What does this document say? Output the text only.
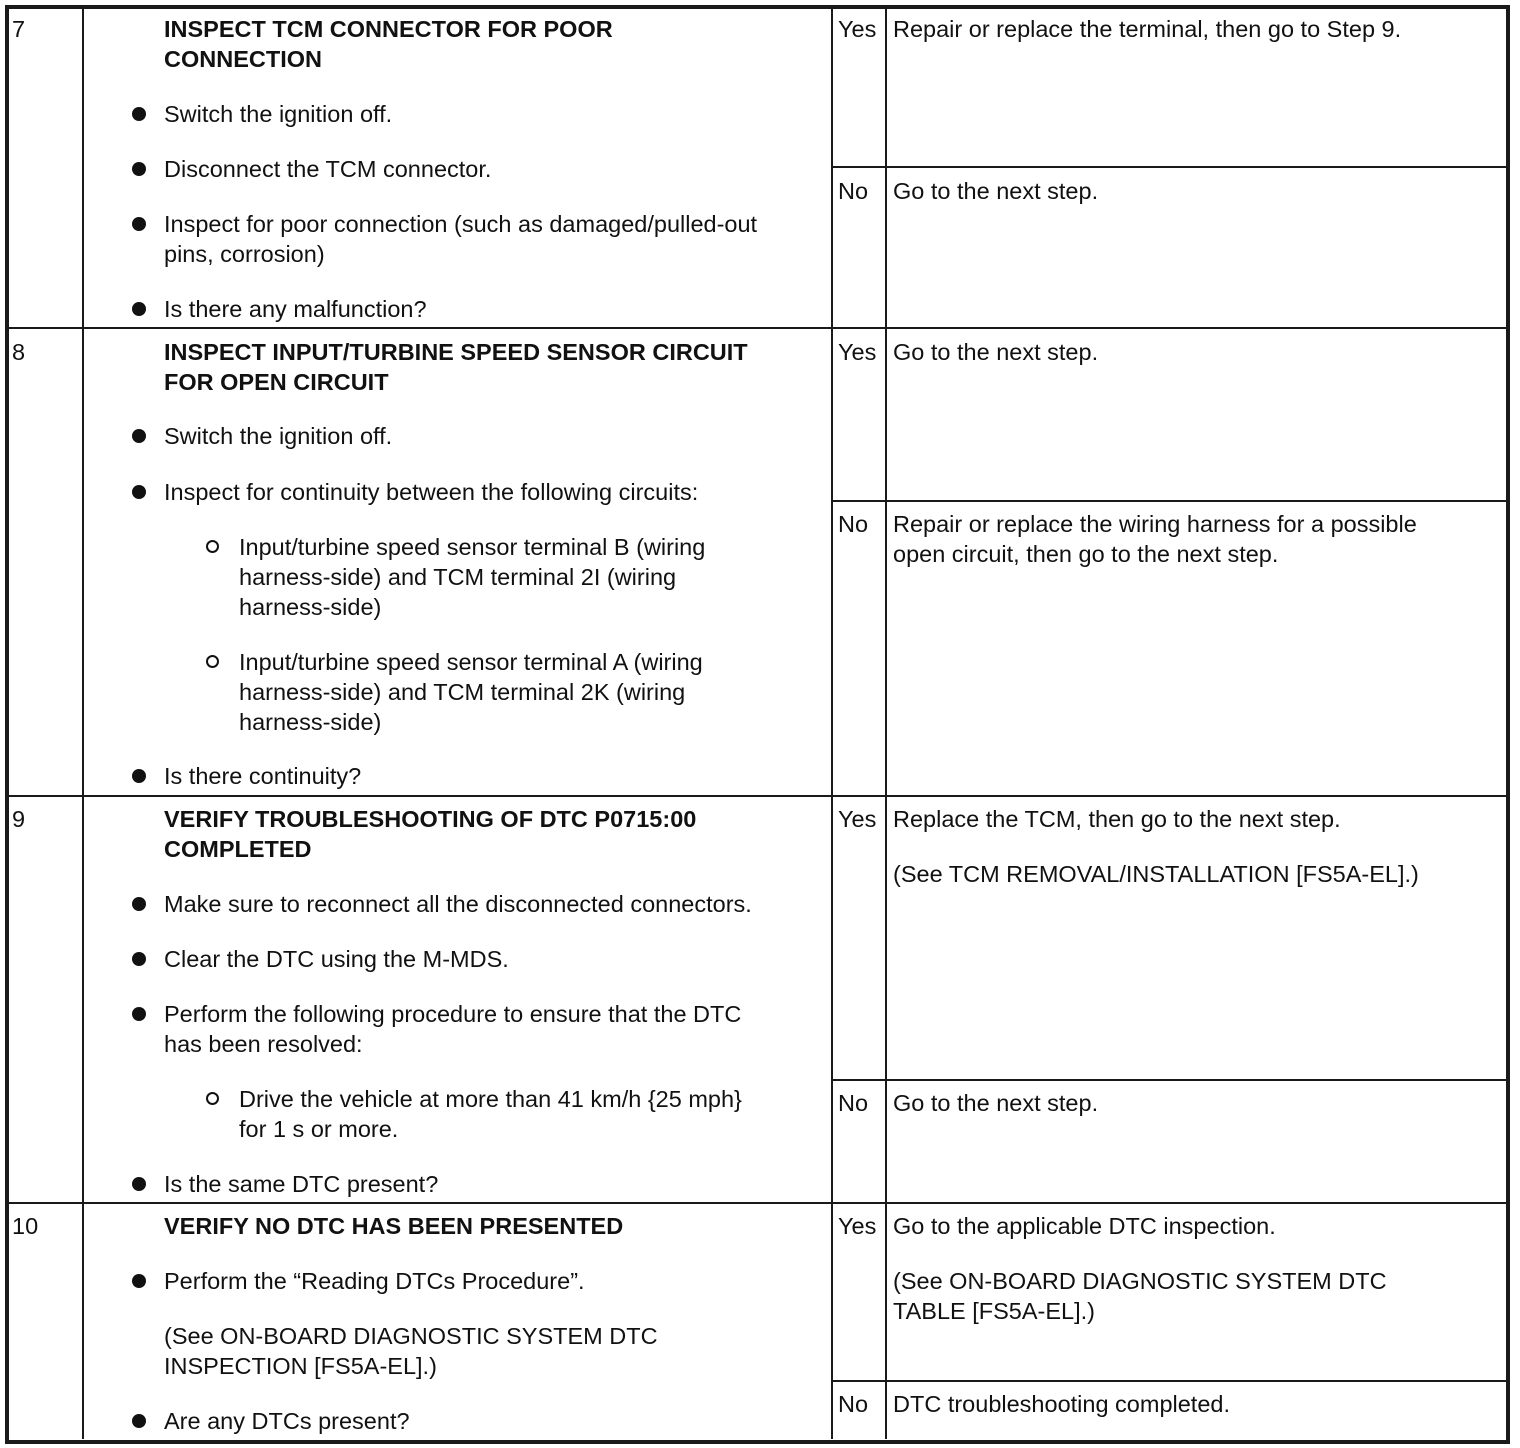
7	INSPECT TCM CONNECTOR FOR POOR
CONNECTION
Switch the ignition off.
Disconnect the TCM connector.
Inspect for poor connection (such as damaged/pulled-out
pins, corrosion)
Is there any malfunction?
Yes Repair or replace the terminal, then go to Step 9.
No Go to the next step.
8	INSPECT INPUT/TURBINE SPEED SENSOR CIRCUIT
FOR OPEN CIRCUIT
Switch the ignition off.
Inspect for continuity between the following circuits:
Input/turbine speed sensor terminal B (wiring
harness-side) and TCM terminal 2I (wiring
harness-side)
Input/turbine speed sensor terminal A (wiring
harness-side) and TCM terminal 2K (wiring
harness-side)
Is there continuity?
Yes Go to the next step.
No Repair or replace the wiring harness for a possible
open circuit, then go to the next step.
9	VERIFY TROUBLESHOOTING OF DTC P0715:00
COMPLETED
Make sure to reconnect all the disconnected connectors.
Clear the DTC using the M-MDS.
Perform the following procedure to ensure that the DTC
has been resolved:
Drive the vehicle at more than 41 km/h {25 mph}
for 1 s or more.
Is the same DTC present?
Yes Replace the TCM, then go to the next step.
(See TCM REMOVAL/INSTALLATION [FS5A-EL].)
No Go to the next step.
10	VERIFY NO DTC HAS BEEN PRESENTED
Perform the “Reading DTCs Procedure”.
(See ON-BOARD DIAGNOSTIC SYSTEM DTC
INSPECTION [FS5A-EL].)
Are any DTCs present?
Yes Go to the applicable DTC inspection.
(See ON-BOARD DIAGNOSTIC SYSTEM DTC
TABLE [FS5A-EL].)
No DTC troubleshooting completed.
